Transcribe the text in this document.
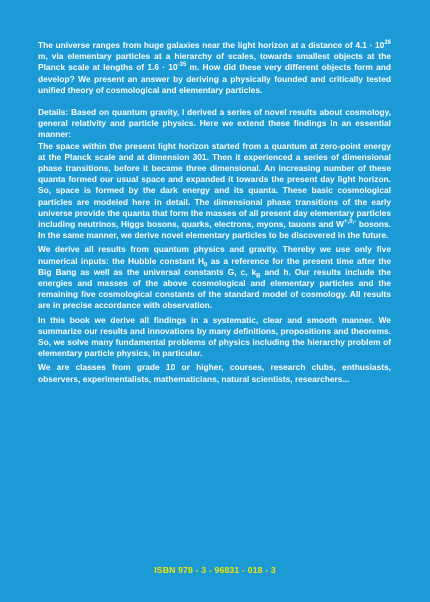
The universe ranges from huge galaxies near the light horizon at a distance of $4.1 \cdot 10^{26}$ m, via elementary particles at a hierarchy of scales, towards smallest objects at the Planck scale at lengths of $1.6 \cdot 10^{-35}$ m. How did these very different objects form and develop? We present an answer by deriving a physically founded and critically tested unified theory of cosmological and elementary particles.

Details: Based on quantum gravity, I derived a series of novel results about cosmology, general relativity and particle physics. Here we extend these findings in an essential manner:

The space within the present light horizon started from a quantum at zero-point energy at the Planck scale and at dimension 301. Then it experienced a series of dimensional phase transitions, before it became three dimensional. An increasing number of these quanta formed our usual space and expanded it towards the present day light horizon. So, space is formed by the dark energy and its quanta. These basic cosmological particles are modeled here in detail. The dimensional phase transitions of the early universe provide the quanta that form the masses of all present day elementary particles including neutrinos, Higgs bosons, quarks, electrons, myons, tauons and $W^{+,0,-}$ bosons. In the same manner, we derive novel elementary particles to be discovered in the future.

We derive all results from quantum physics and gravity. Thereby we use only five numerical inputs: the Hubble constant $H_0$ as a reference for the present time after the Big Bang as well as the universal constants G, c, $k_B$ and h. Our results include the energies and masses of the above cosmological and elementary particles and the remaining five cosmological constants of the standard model of cosmology. All results are in precise accordance with observation.

In this book we derive all findings in a systematic, clear and smooth manner. We summarize our results and innovations by many definitions, propositions and theorems. So, we solve many fundamental problems of physics including the hierarchy problem of elementary particle physics, in particular.

We are classes from grade 10 or higher, courses, research clubs, enthusiasts, observers, experimentalists, mathematicians, natural scientists, researchers...

ISBN 978 - 3 - 96831 - 018 - 3
